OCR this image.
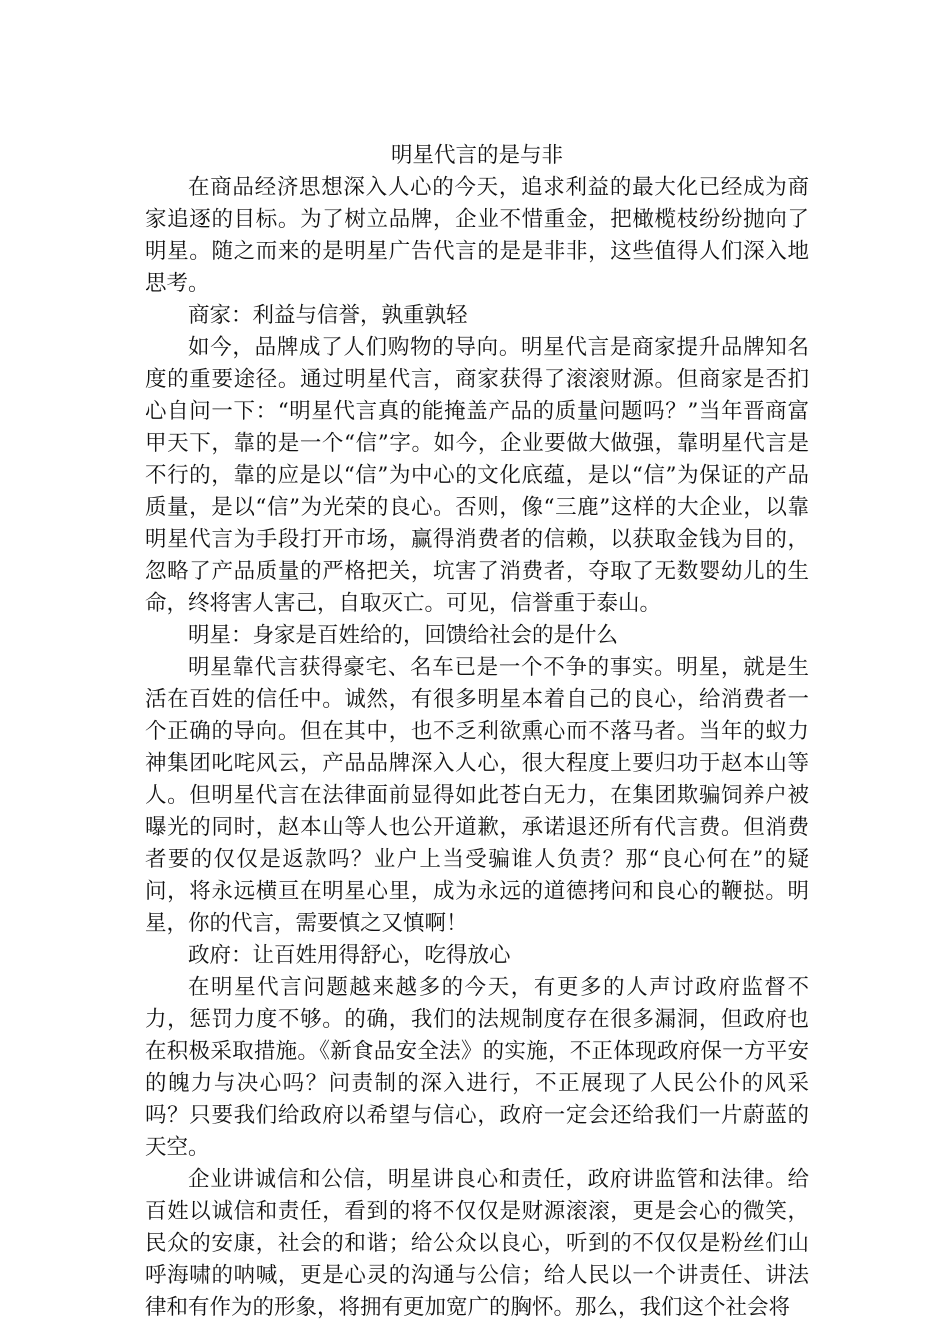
明星代言的是与非

在商品经济思想深入人心的今天，追求利益的最大化已经成为商家追逐的目标。为了树立品牌，企业不惜重金，把橄榄枝纷纷抛向了明星。随之而来的是明星广告代言的是是非非，这些值得人们深入地思考。

商家：利益与信誉，孰重孰轻

如今，品牌成了人们购物的导向。明星代言是商家提升品牌知名度的重要途径。通过明星代言，商家获得了滚滚财源。但商家是否扪心自问一下：“明星代言真的能掩盖产品的质量问题吗？”当年晋商富甲天下，靠的是一个“信”字。如今，企业要做大做强，靠明星代言是不行的，靠的应是以“信”为中心的文化底蕴，是以“信”为保证的产品质量，是以“信”为光荣的良心。否则，像“三鹿”这样的大企业，以靠明星代言为手段打开市场，赢得消费者的信赖，以获取金钱为目的，忽略了产品质量的严格把关，坑害了消费者，夺取了无数婴幼儿的生命，终将害人害己，自取灭亡。可见，信誉重于泰山。

明星：身家是百姓给的，回馈给社会的是什么

明星靠代言获得豪宅、名车已是一个不争的事实。明星，就是生活在百姓的信任中。诚然，有很多明星本着自己的良心，给消费者一个正确的导向。但在其中，也不乏利欲熏心而不落马者。当年的蚁力神集团叱咤风云，产品品牌深入人心，很大程度上要归功于赵本山等人。但明星代言在法律面前显得如此苍白无力，在集团欺骗饲养户被曝光的同时，赵本山等人也公开道歉，承诺退还所有代言费。但消费者要的仅仅是返款吗？业户上当受骗谁人负责？那“良心何在”的疑问，将永远横亘在明星心里，成为永远的道德拷问和良心的鞭挞。明星，你的代言，需要慎之又慎啊！

政府：让百姓用得舒心，吃得放心

在明星代言问题越来越多的今天，有更多的人声讨政府监督不力，惩罚力度不够。的确，我们的法规制度存在很多漏洞，但政府也在积极采取措施。《新食品安全法》的实施，不正体现政府保一方平安的魄力与决心吗？问责制的深入进行，不正展现了人民公仆的风采吗？只要我们给政府以希望与信心，政府一定会还给我们一片蔚蓝的天空。

企业讲诚信和公信，明星讲良心和责任，政府讲监管和法律。给百姓以诚信和责任，看到的将不仅仅是财源滚滚，更是会心的微笑，民众的安康，社会的和谐；给公众以良心，听到的不仅仅是粉丝们山呼海啸的呐喊，更是心灵的沟通与公信；给人民以一个讲责任、讲法律和有作为的形象，将拥有更加宽广的胸怀。那么，我们这个社会将
